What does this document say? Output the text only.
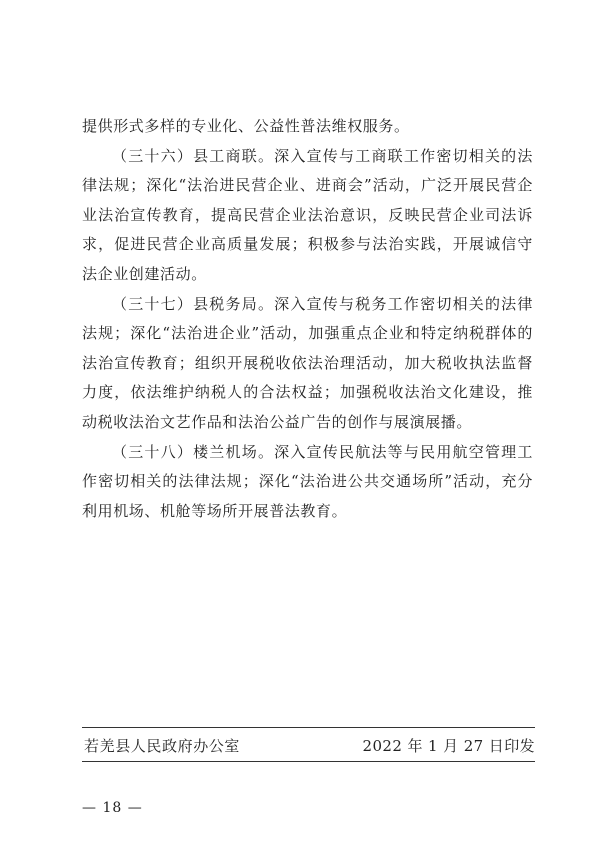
提供形式多样的专业化、公益性普法维权服务。

（三十六）县工商联。深入宣传与工商联工作密切相关的法律法规；深化“法治进民营企业、进商会”活动，广泛开展民营企业法治宣传教育，提高民营企业法治意识，反映民营企业司法诉求，促进民营企业高质量发展；积极参与法治实践，开展诚信守法企业创建活动。

（三十七）县税务局。深入宣传与税务工作密切相关的法律法规；深化“法治进企业”活动，加强重点企业和特定纳税群体的法治宣传教育；组织开展税收依法治理活动，加大税收执法监督力度，依法维护纳税人的合法权益；加强税收法治文化建设，推动税收法治文艺作品和法治公益广告的创作与展演展播。

（三十八）楼兰机场。深入宣传民航法等与民用航空管理工作密切相关的法律法规；深化“法治进公共交通场所”活动，充分利用机场、机舱等场所开展普法教育。

若羌县人民政府办公室	2022 年 1 月 27 日印发
— 18 —
